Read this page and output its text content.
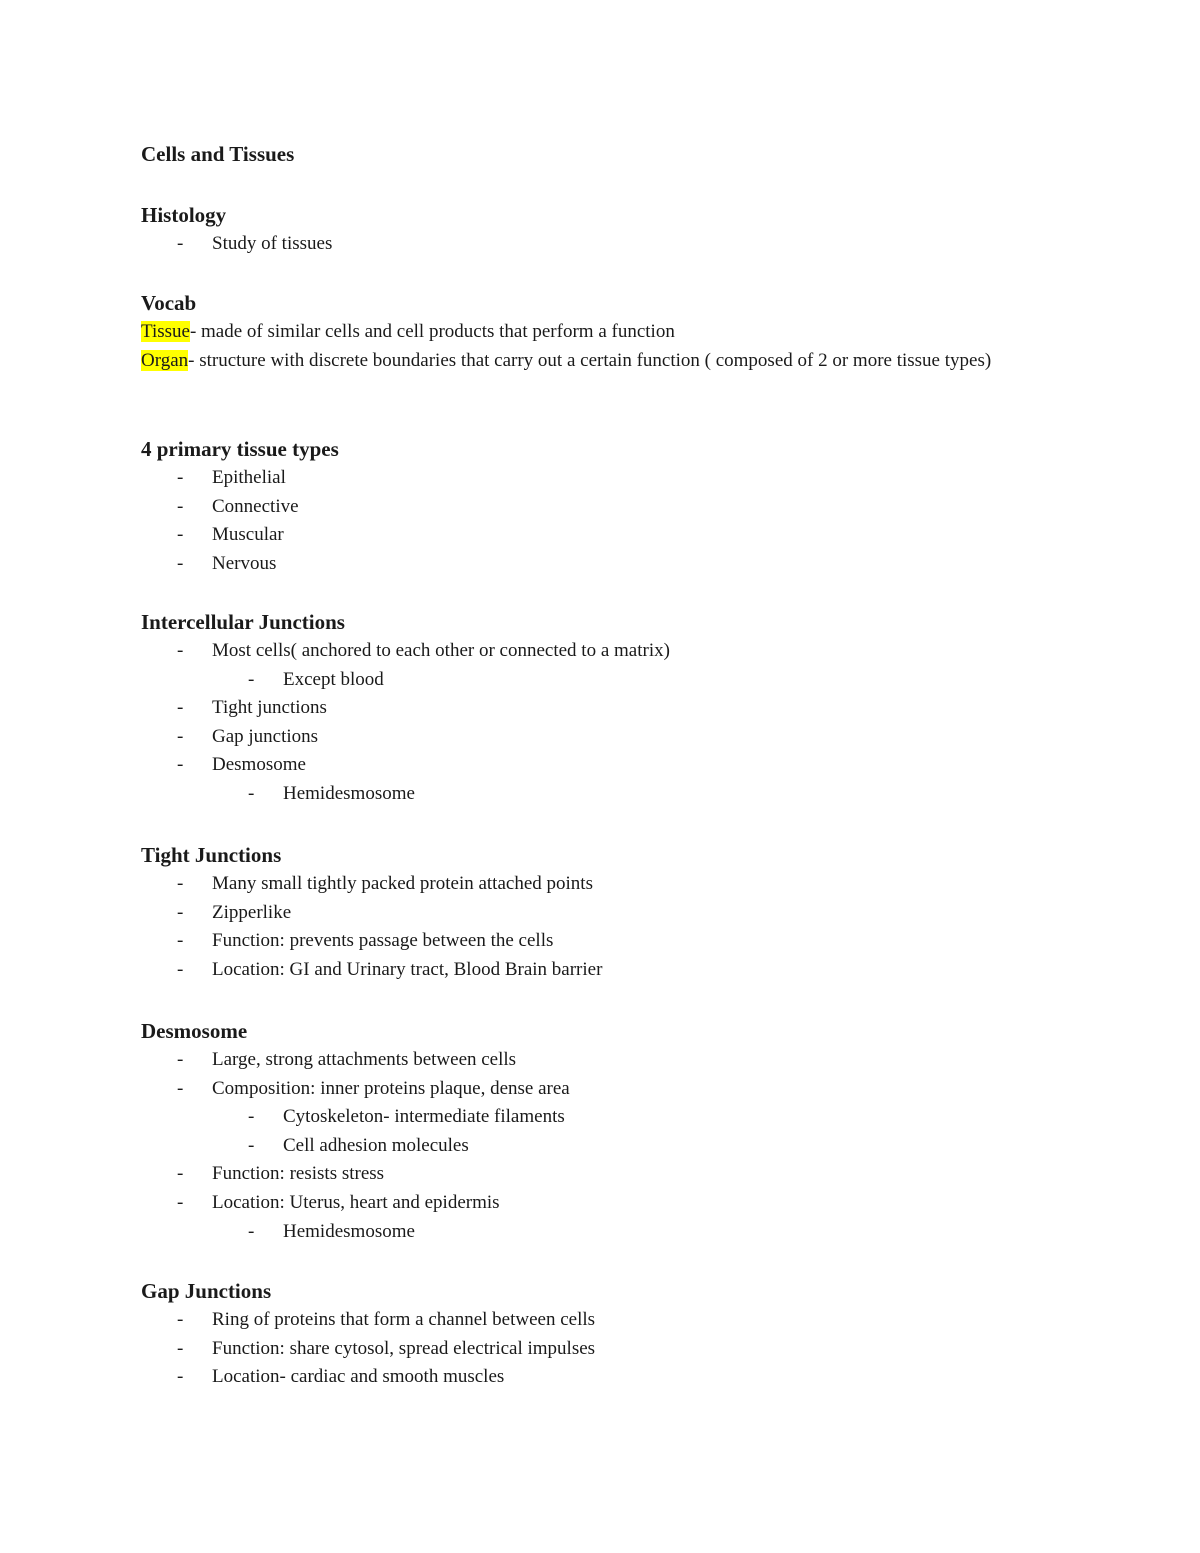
Cells and Tissues
Histology
- Study of tissues
Vocab
Tissue- made of similar cells and cell products that perform a function
Organ- structure with discrete boundaries that carry out a certain function ( composed of 2 or more tissue types)
4 primary tissue types
- Epithelial
- Connective
- Muscular
- Nervous
Intercellular Junctions
- Most cells( anchored to each other or connected to a matrix)
- Except blood
- Tight junctions
- Gap junctions
- Desmosome
- Hemidesmosome
Tight Junctions
- Many small tightly packed protein attached points
- Zipperlike
- Function: prevents passage between the cells
- Location: GI and Urinary tract, Blood Brain barrier
Desmosome
- Large, strong attachments between cells
- Composition: inner proteins plaque, dense area
- Cytoskeleton- intermediate filaments
- Cell adhesion molecules
- Function: resists stress
- Location: Uterus, heart and epidermis
- Hemidesmosome
Gap Junctions
- Ring of proteins that form a channel between cells
- Function: share cytosol, spread electrical impulses
- Location- cardiac and smooth muscles
